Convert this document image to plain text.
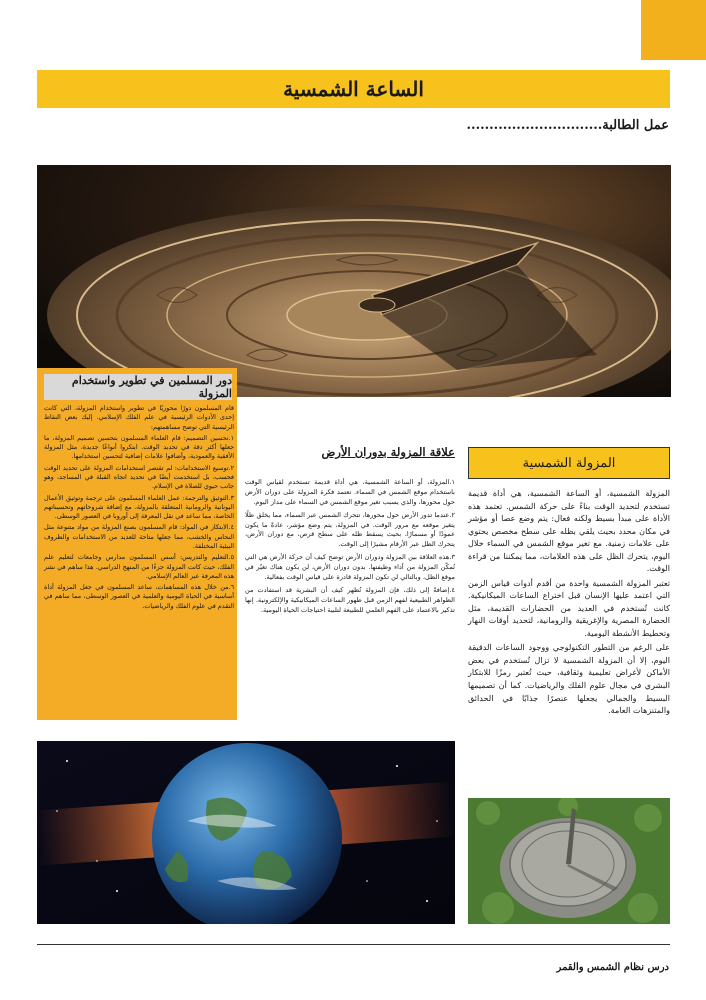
الساعة الشمسية
عمل الطالبة..............................
دور المسلمين في تطوير واستخدام المزولة

قام المسلمون دورًا محوريًا في تطوير واستخدام المزولة، التي كانت إحدى الأدوات الرئيسية في علم الفلك الإسلامي. إليك بعض النقاط الرئيسية التي توضح مساهمتهم:

١.تحسين التصميم: قام العلماء المسلمون بتحسين تصميم المزولة، ما جعلها أكثر دقة في تحديد الوقت. ابتكروا أنواعًا جديدة، مثل المزولة الأفقية والعمودية، وأضافوا علامات إضافية لتحسين استخدامها.

٢.توسيع الاستخدامات: لم تقتصر استخدامات المزولة على تحديد الوقت فحسب، بل استخدمت أيضًا في تحديد اتجاه القبلة في المساجد، وهو جانب حيوي للصلاة في الإسلام.

٣.التوثيق والترجمة: عمل العلماء المسلمون على ترجمة وتوثيق الأعمال اليونانية والرومانية المتعلقة بالمزولة، مع إضافة شروحاتهم وتحسيناتهم الخاصة، مما ساعد في نقل المعرفة إلى أوروبا في العصور الوسطى.

٤.الابتكار في المواد: قام المسلمون بصنع المزولة من مواد متنوعة مثل النحاس والخشب، مما جعلها متاحة للعديد من الاستخدامات والظروف البيئية المختلفة.

٥.التعليم والتدريس: أسس المسلمون مدارس وجامعات لتعليم علم الفلك، حيث كانت المزولة جزءًا من المنهج الدراسي. هذا ساهم في نشر هذه المعرفة عبر العالم الإسلامي.

٦.من خلال هذه المساهمات، ساعد المسلمون في جعل المزولة أداة أساسية في الحياة اليومية والعلمية في العصور الوسطى، مما ساهم في التقدم في علوم الفلك والرياضيات.

علاقة المزولة بدوران الأرض

١.المزولة، أو الساعة الشمسية، هي أداة قديمة تستخدم لقياس الوقت باستخدام موقع الشمس في السماء. تعتمد فكرة المزولة على دوران الأرض حول محورها، والذي يسبب تغير موقع الشمس في السماء على مدار اليوم.

٢.عندما تدور الأرض حول محورها، تتحرك الشمس عبر السماء، مما يخلق ظلًا يتغير موقعه مع مرور الوقت. في المزولة، يتم وضع مؤشر، عادةً ما يكون عمودًا أو مسمارًا، بحيث يسقط ظله على سطح قرص، مع دوران الأرض، يتحرك الظل عبر الأرقام مشيرًا إلى الوقت.

٣.هذه العلاقة بين المزولة ودوران الأرض توضح كيف أن حركة الأرض هي التي تُمكّن المزولة من أداء وظيفتها. بدون دوران الأرض، لن يكون هناك تغيّر في موقع الظل، وبالتالي لن تكون المزولة قادرة على قياس الوقت بفعالية.

٤.إضافةً إلى ذلك، فإن المزولة تُظهر كيف أن البشرية قد استفادت من الظواهر الطبيعية لفهم الزمن قبل ظهور الساعات الميكانيكية والإلكترونية. إنها تذكير بالاعتماد على الفهم العلمي للطبيعة لتلبية احتياجات الحياة اليومية.

المزولة الشمسية

المزولة الشمسية، أو الساعة الشمسية، هي أداة قديمة تستخدم لتحديد الوقت بناءً على حركة الشمس. تعتمد هذه الأداة على مبدأ بسيط ولكنه فعال: يتم وضع عصا أو مؤشر في مكان محدد بحيث يلقي بظله على سطح مخصص يحتوي على علامات زمنية. مع تغير موقع الشمس في السماء خلال اليوم، يتحرك الظل على هذه العلامات، مما يمكننا من قراءة الوقت.

تعتبر المزولة الشمسية واحدة من أقدم أدوات قياس الزمن التي اعتمد عليها الإنسان قبل اختراع الساعات الميكانيكية. كانت تُستخدم في العديد من الحضارات القديمة، مثل الحضارة المصرية والإغريقية والرومانية، لتحديد أوقات النهار وتخطيط الأنشطة اليومية.

على الرغم من التطور التكنولوجي ووجود الساعات الدقيقة اليوم، إلا أن المزولة الشمسية لا تزال تُستخدم في بعض الأماكن لأغراض تعليمية وثقافية، حيث تُعتبر رمزًا للابتكار البشري في مجال علوم الفلك والرياضيات. كما أن تصميمها البسيط والجمالي يجعلها عنصرًا جذابًا في الحدائق والمتنزهات العامة.

درس نظام الشمس والقمر
